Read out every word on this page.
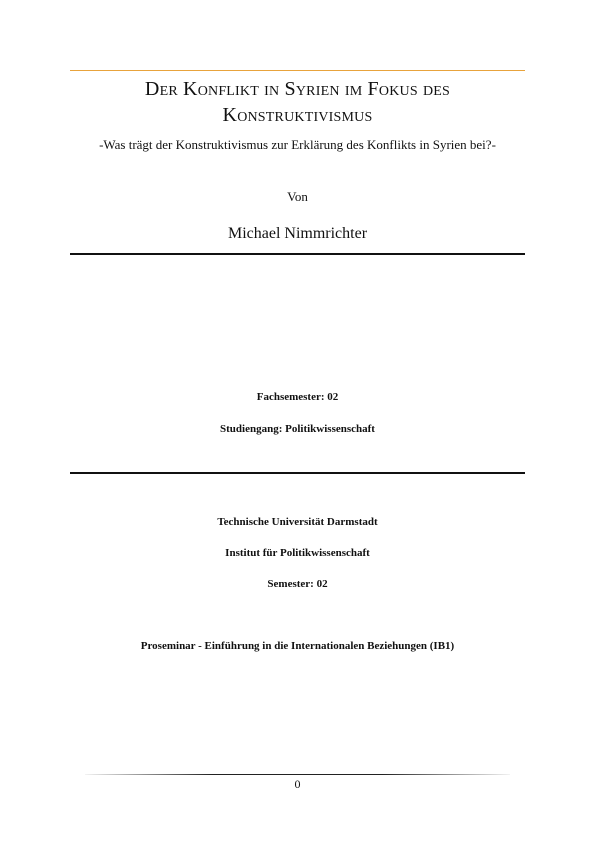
Der Konflikt in Syrien im Fokus des
Konstruktivismus
-Was trägt der Konstruktivismus zur Erklärung des Konflikts in Syrien bei?-
Von
Michael Nimmrichter
Fachsemester: 02
Studiengang: Politikwissenschaft
Technische Universität Darmstadt
Institut für Politikwissenschaft
Semester: 02
Proseminar - Einführung in die Internationalen Beziehungen (IB1)
0
